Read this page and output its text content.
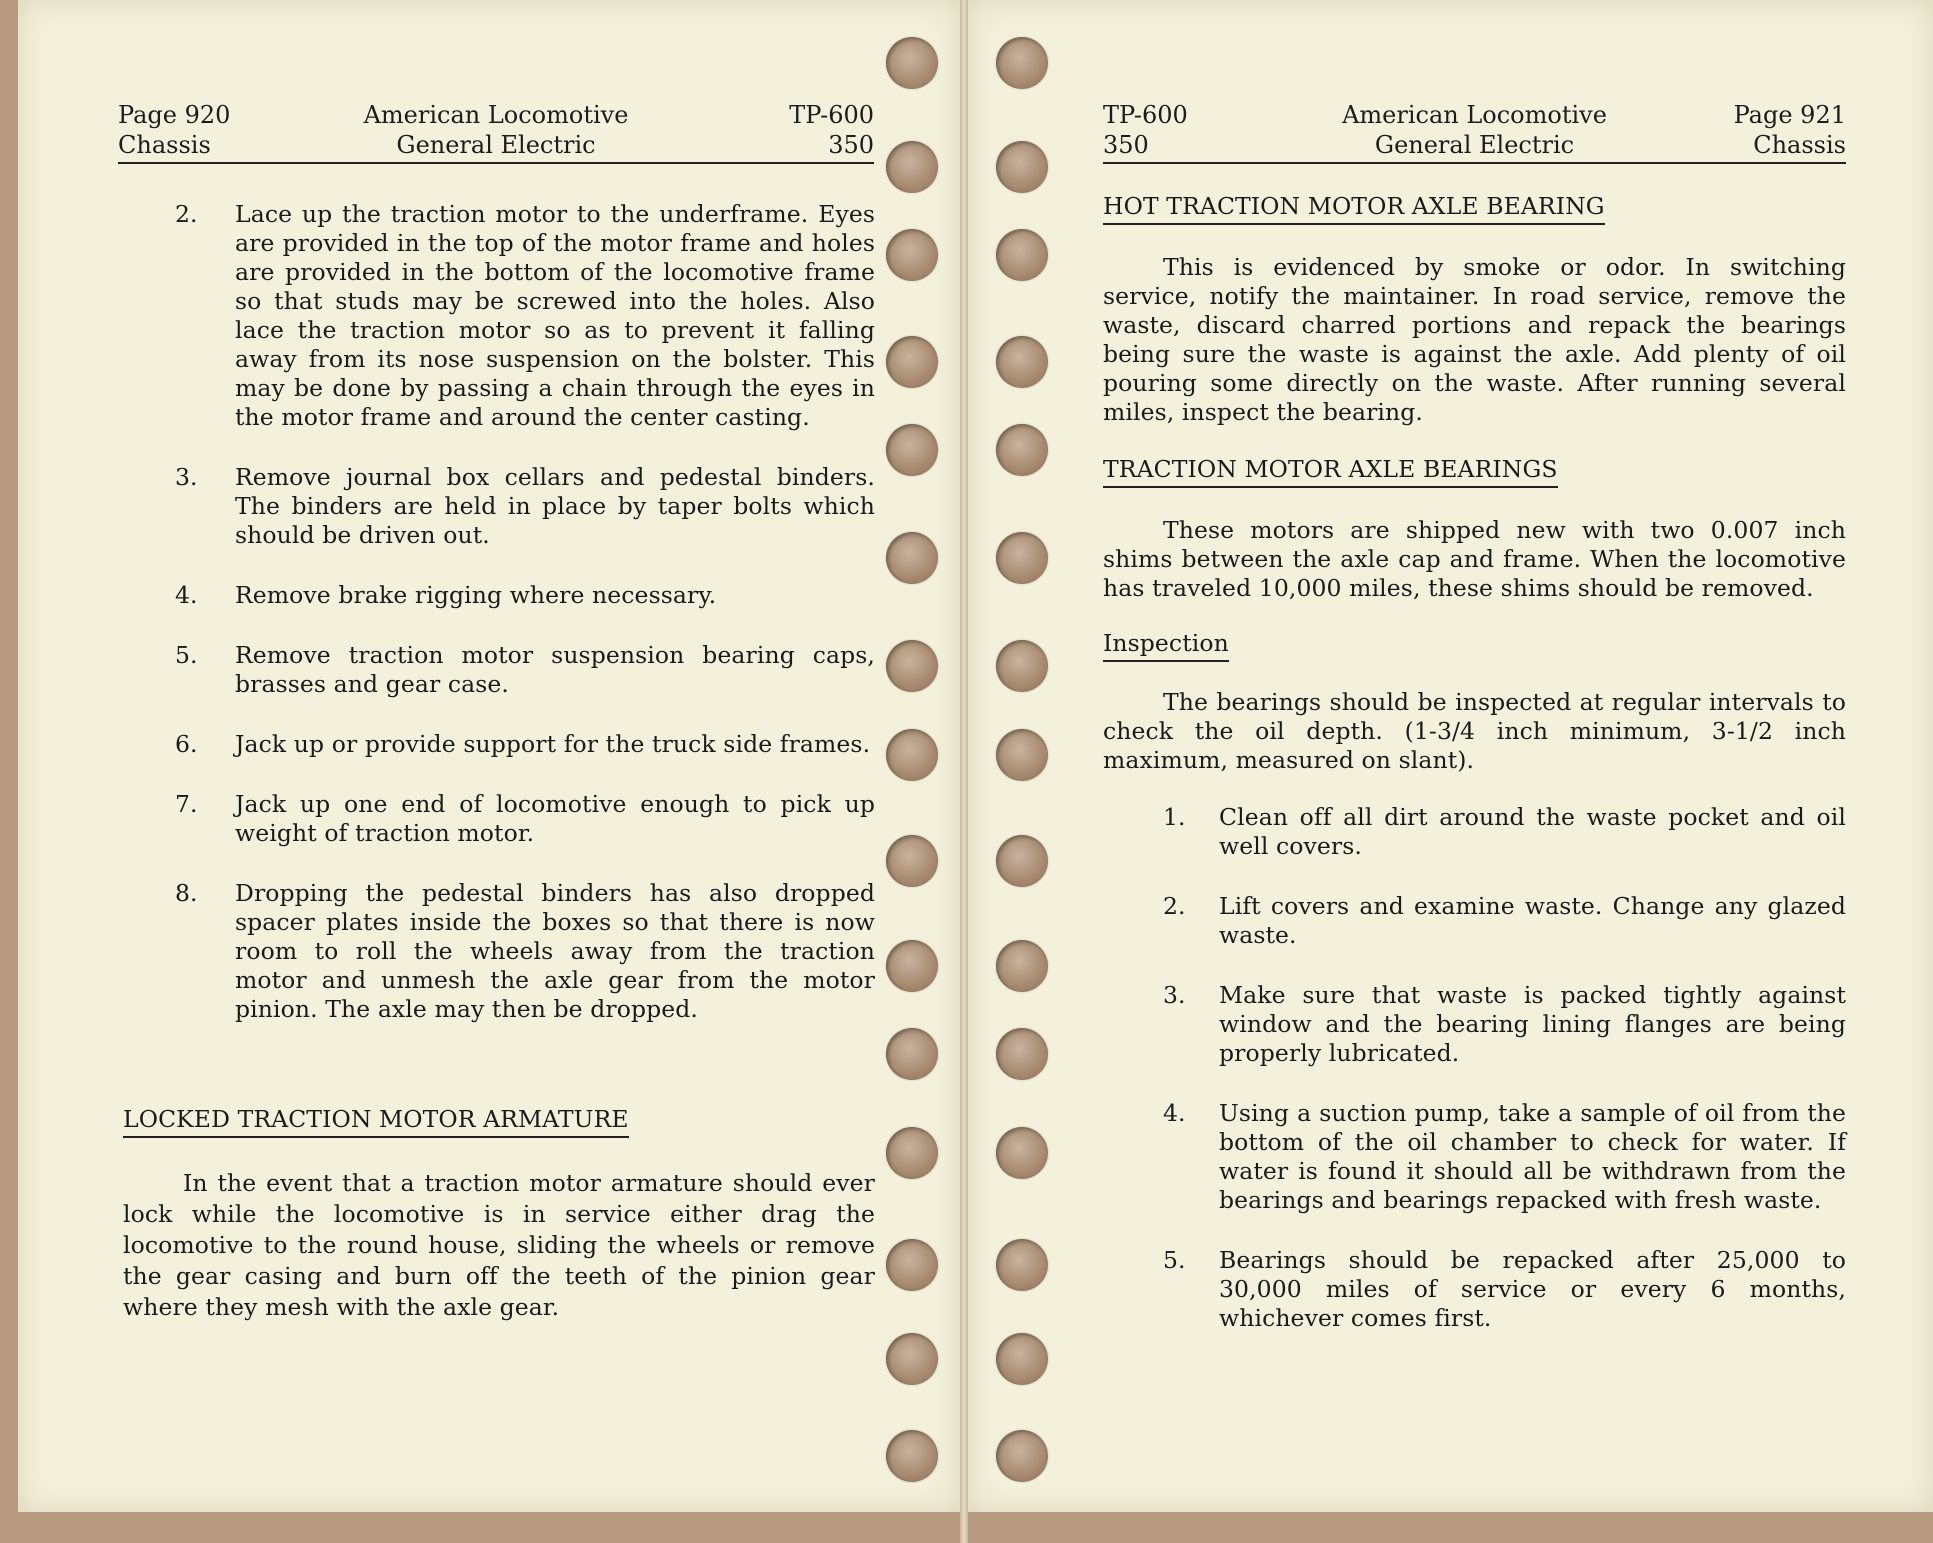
Page 920
Chassis
American Locomotive
General Electric
TP-600
350
2. Lace up the traction motor to the underframe. Eyes are provided in the top of the motor frame and holes are provided in the bottom of the locomotive frame so that studs may be screwed into the holes. Also lace the traction motor so as to prevent it falling away from its nose suspension on the bolster. This may be done by passing a chain through the eyes in the motor frame and around the center casting.
3. Remove journal box cellars and pedestal binders. The binders are held in place by taper bolts which should be driven out.
4. Remove brake rigging where necessary.
5. Remove traction motor suspension bearing caps, brasses and gear case.
6. Jack up or provide support for the truck side frames.
7. Jack up one end of locomotive enough to pick up weight of traction motor.
8. Dropping the pedestal binders has also dropped spacer plates inside the boxes so that there is now room to roll the wheels away from the traction motor and unmesh the axle gear from the motor pinion. The axle may then be dropped.
LOCKED TRACTION MOTOR ARMATURE

In the event that a traction motor armature should ever lock while the locomotive is in service either drag the locomotive to the round house, sliding the wheels or remove the gear casing and burn off the teeth of the pinion gear where they mesh with the axle gear.

TP-600
350
American Locomotive
General Electric
Page 921
Chassis
HOT TRACTION MOTOR AXLE BEARING

This is evidenced by smoke or odor. In switching service, notify the maintainer. In road service, remove the waste, discard charred portions and repack the bearings being sure the waste is against the axle. Add plenty of oil pouring some directly on the waste. After running several miles, inspect the bearing.

TRACTION MOTOR AXLE BEARINGS

These motors are shipped new with two 0.007 inch shims between the axle cap and frame. When the locomotive has traveled 10,000 miles, these shims should be removed.

Inspection

The bearings should be inspected at regular intervals to check the oil depth. (1-3/4 inch minimum, 3-1/2 inch maximum, measured on slant).

1. Clean off all dirt around the waste pocket and oil well covers.
2. Lift covers and examine waste. Change any glazed waste.
3. Make sure that waste is packed tightly against window and the bearing lining flanges are being properly lubricated.
4. Using a suction pump, take a sample of oil from the bottom of the oil chamber to check for water. If water is found it should all be withdrawn from the bearings and bearings repacked with fresh waste.
5. Bearings should be repacked after 25,000 to 30,000 miles of service or every 6 months, whichever comes first.
